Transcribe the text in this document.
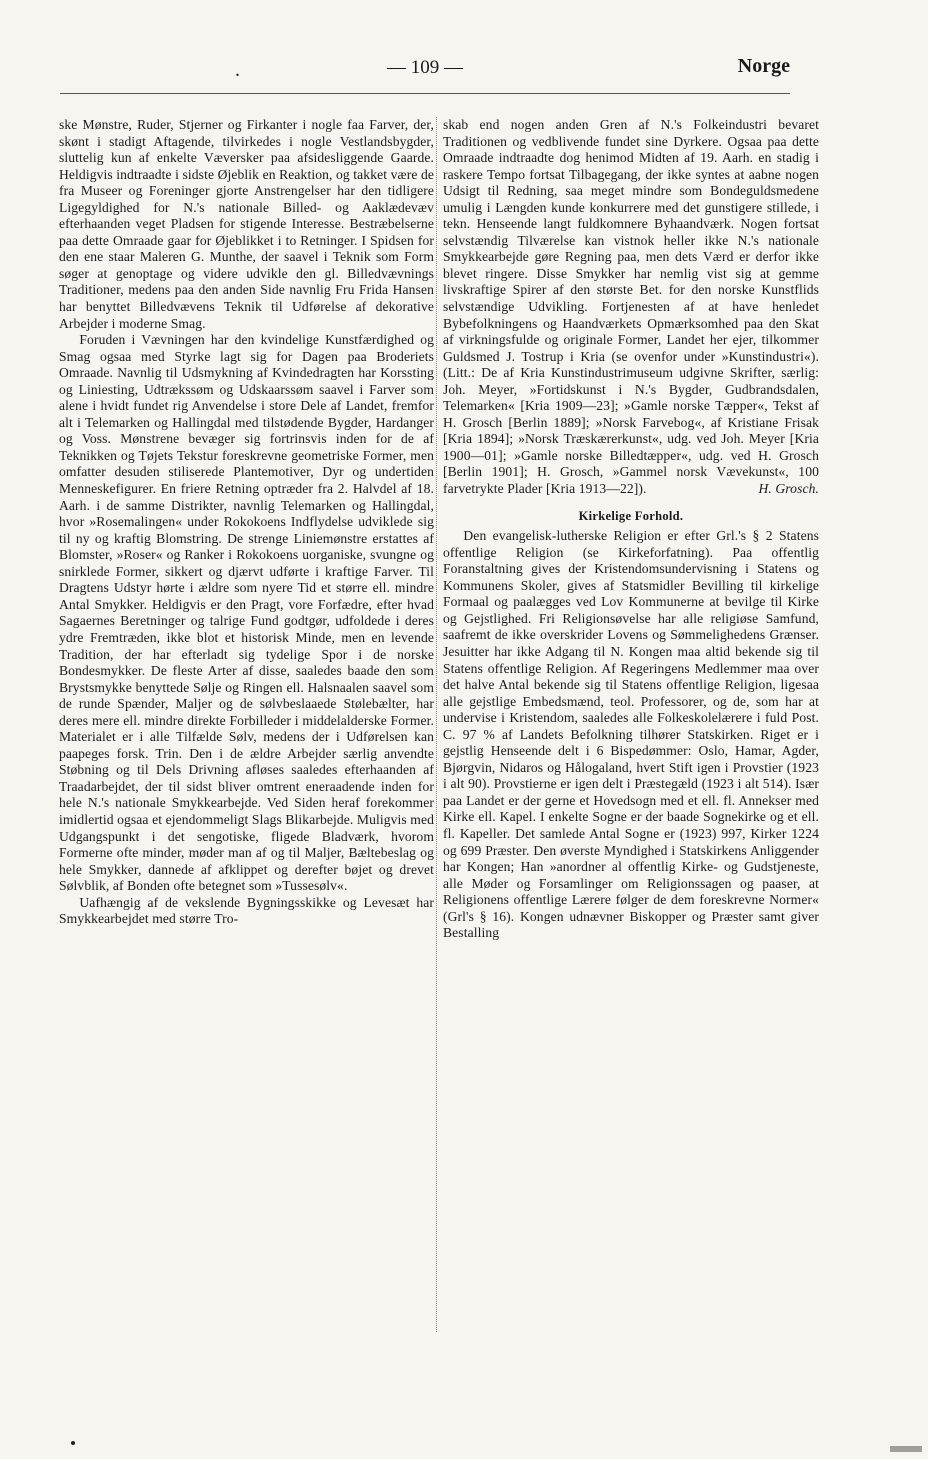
.	— 109 —	Norge

ske Mønstre, Ruder, Stjerner og Firkanter i nogle faa Farver, der, skønt i stadigt Aftagende, tilvirkedes i nogle Vestlandsbygder, sluttelig kun af enkelte Væversker paa afsidesliggende Gaarde. Heldigvis indtraadte i sidste Øjeblik en Reaktion, og takket være de fra Museer og Foreninger gjorte Anstrengelser har den tidligere Ligegyldighed for N.'s nationale Billed- og Aaklædevæv efterhaanden veget Pladsen for stigende Interesse. Bestræbelserne paa dette Omraade gaar for Øjeblikket i to Retninger. I Spidsen for den ene staar Maleren G. Munthe, der saavel i Teknik som Form søger at genoptage og videre udvikle den gl. Billedvævnings Traditioner, medens paa den anden Side navnlig Fru Frida Hansen har benyttet Billedvævens Teknik til Udførelse af dekorative Arbejder i moderne Smag.

Foruden i Vævningen har den kvindelige Kunstfærdighed og Smag ogsaa med Styrke lagt sig for Dagen paa Broderiets Omraade. Navnlig til Udsmykning af Kvindedragten har Korssting og Liniesting, Udtrækssøm og Udskaarssøm saavel i Farver som alene i hvidt fundet rig Anvendelse i store Dele af Landet, fremfor alt i Telemarken og Hallingdal med tilstødende Bygder, Hardanger og Voss. Mønstrene bevæger sig fortrinsvis inden for de af Teknikken og Tøjets Tekstur foreskrevne geometriske Former, men omfatter desuden stiliserede Plantemotiver, Dyr og undertiden Menneskefigurer. En friere Retning optræder fra 2. Halvdel af 18. Aarh. i de samme Distrikter, navnlig Telemarken og Hallingdal, hvor »Rosemalingen« under Rokokoens Indflydelse udviklede sig til ny og kraftig Blomstring. De strenge Liniemønstre erstattes af Blomster, »Roser« og Ranker i Rokokoens uorganiske, svungne og snirklede Former, sikkert og djærvt udførte i kraftige Farver. Til Dragtens Udstyr hørte i ældre som nyere Tid et større ell. mindre Antal Smykker. Heldigvis er den Pragt, vore Forfædre, efter hvad Sagaernes Beretninger og talrige Fund godtgør, udfoldede i deres ydre Fremtræden, ikke blot et historisk Minde, men en levende Tradition, der har efterladt sig tydelige Spor i de norske Bondesmykker. De fleste Arter af disse, saaledes baade den som Brystsmykke benyttede Sølje og Ringen ell. Halsnaalen saavel som de runde Spænder, Maljer og de sølvbeslaaede Stølebælter, har deres mere ell. mindre direkte Forbilleder i middelalderske Former. Materialet er i alle Tilfælde Sølv, medens der i Udførelsen kan paapeges forsk. Trin. Den i de ældre Arbejder særlig anvendte Støbning og til Dels Drivning afløses saaledes efterhaanden af Traadarbejdet, der til sidst bliver omtrent eneraadende inden for hele N.'s nationale Smykkearbejde. Ved Siden heraf forekommer imidlertid ogsaa et ejendommeligt Slags Blikarbejde. Muligvis med Udgangspunkt i det sengotiske, fligede Bladværk, hvorom Formerne ofte minder, møder man af og til Maljer, Bæltebeslag og hele Smykker, dannede af afklippet og derefter bøjet og drevet Sølvblik, af Bonden ofte betegnet som »Tussesølv«.

Uafhængig af de vekslende Bygningsskikke og Levesæt har Smykkearbejdet med større Tro-

skab end nogen anden Gren af N.'s Folkeindustri bevaret Traditionen og vedblivende fundet sine Dyrkere. Ogsaa paa dette Omraade indtraadte dog henimod Midten af 19. Aarh. en stadig i raskere Tempo fortsat Tilbagegang, der ikke syntes at aabne nogen Udsigt til Redning, saa meget mindre som Bondeguldsmedene umulig i Længden kunde konkurrere med det gunstigere stillede, i tekn. Henseende langt fuldkomnere Byhaandværk. Nogen fortsat selvstændig Tilværelse kan vistnok heller ikke N.'s nationale Smykkearbejde gøre Regning paa, men dets Værd er derfor ikke blevet ringere. Disse Smykker har nemlig vist sig at gemme livskraftige Spirer af den største Bet. for den norske Kunstflids selvstændige Udvikling. Fortjenesten af at have henledet Bybefolkningens og Haandværkets Opmærksomhed paa den Skat af virkningsfulde og originale Former, Landet her ejer, tilkommer Guldsmed J. Tostrup i Kria (se ovenfor under »Kunstindustri«). (Litt.: De af Kria Kunstindustrimuseum udgivne Skrifter, særlig: Joh. Meyer, »Fortidskunst i N.'s Bygder, Gudbrandsdalen, Telemarken« [Kria 1909—23]; »Gamle norske Tæpper«, Tekst af H. Grosch [Berlin 1889]; »Norsk Farvebog«, af Kristiane Frisak [Kria 1894]; »Norsk Træskærerkunst«, udg. ved Joh. Meyer [Kria 1900—01]; »Gamle norske Billedtæpper«, udg. ved H. Grosch [Berlin 1901]; H. Grosch, »Gammel norsk Vævekunst«, 100 farvetrykte Plader [Kria 1913—22]).	H. Grosch.

Kirkelige Forhold.

Den evangelisk-lutherske Religion er efter Grl.'s § 2 Statens offentlige Religion (se Kirkeforfatning). Paa offentlig Foranstaltning gives der Kristendomsundervisning i Statens og Kommunens Skoler, gives af Statsmidler Bevilling til kirkelige Formaal og paalægges ved Lov Kommunerne at bevilge til Kirke og Gejstlighed. Fri Religionsøvelse har alle religiøse Samfund, saafremt de ikke overskrider Lovens og Sømmelighedens Grænser. Jesuitter har ikke Adgang til N. Kongen maa altid bekende sig til Statens offentlige Religion. Af Regeringens Medlemmer maa over det halve Antal bekende sig til Statens offentlige Religion, ligesaa alle gejstlige Embedsmænd, teol. Professorer, og de, som har at undervise i Kristendom, saaledes alle Folkeskolelærere i fuld Post. C. 97 % af Landets Befolkning tilhører Statskirken. Riget er i gejstlig Henseende delt i 6 Bispedømmer: Oslo, Hamar, Agder, Bjørgvin, Nidaros og Hålogaland, hvert Stift igen i Provstier (1923 i alt 90). Provstierne er igen delt i Præstegæld (1923 i alt 514). Især paa Landet er der gerne et Hovedsogn med et ell. fl. Annekser med Kirke ell. Kapel. I enkelte Sogne er der baade Sognekirke og et ell. fl. Kapeller. Det samlede Antal Sogne er (1923) 997, Kirker 1224 og 699 Præster. Den øverste Myndighed i Statskirkens Anliggender har Kongen; Han »anordner al offentlig Kirke- og Gudstjeneste, alle Møder og Forsamlinger om Religionssagen og paaser, at Religionens offentlige Lærere følger de dem foreskrevne Normer« (Grl's § 16). Kongen udnævner Biskopper og Præster samt giver Bestalling
